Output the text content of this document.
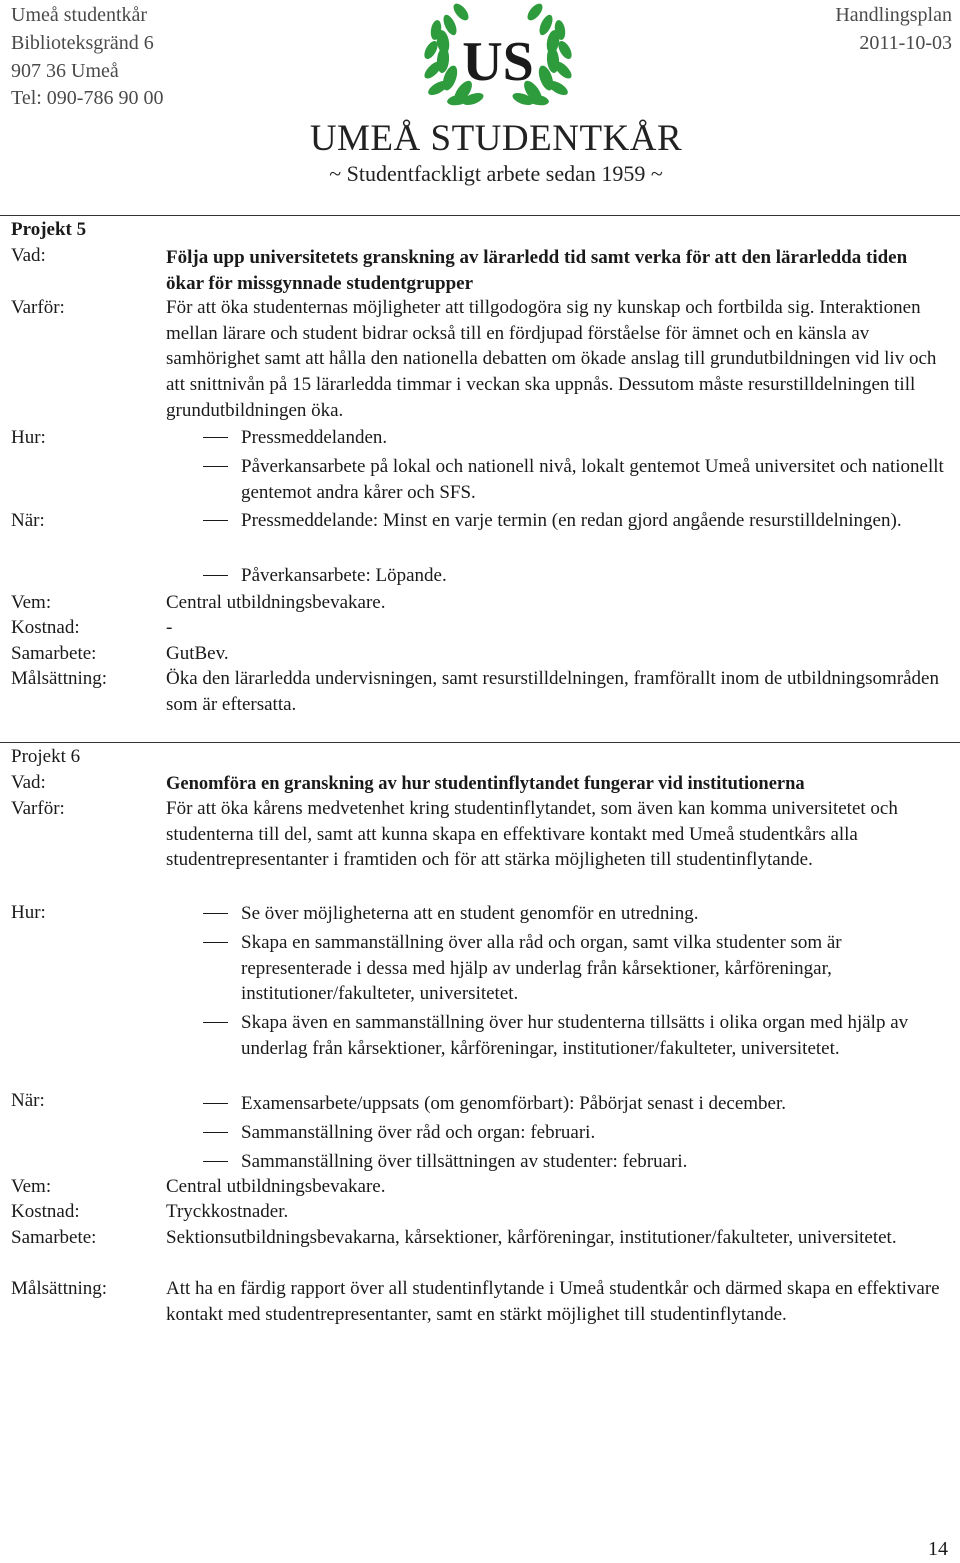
Umeå studentkår
Biblioteksgränd 6
907 36 Umeå
Tel: 090-786 90 00
US
UMEÅ STUDENTKÅR
~ Studentfackligt arbete sedan 1959 ~
Handlingsplan
2011-10-03
Projekt 5
Vad:	Följa upp universitetets granskning av lärarledd tid samt verka för att den lärarledda tiden ökar för missgynnade studentgrupper
Varför:	För att öka studenternas möjligheter att tillgodogöra sig ny kunskap och fortbilda sig. Interaktionen mellan lärare och student bidrar också till en fördjupad förståelse för ämnet och en känsla av samhörighet samt att hålla den nationella debatten om ökade anslag till grundutbildningen vid liv och att snittnivån på 15 lärarledda timmar i veckan ska uppnås. Dessutom måste resurstilldelningen till grundutbildningen öka.
Hur:	Pressmeddelanden.
Påverkansarbete på lokal och nationell nivå, lokalt gentemot Umeå universitet och nationellt gentemot andra kårer och SFS.
När:	Pressmeddelande: Minst en varje termin (en redan gjord angående resurstilldelningen).
Påverkansarbete: Löpande.
Vem:	Central utbildningsbevakare.
Kostnad:	-
Samarbete:	GutBev.
Målsättning:	Öka den lärarledda undervisningen, samt resurstilldelningen, framförallt inom de utbildningsområden som är eftersatta.
Projekt 6
Vad:	Genomföra en granskning av hur studentinflytandet fungerar vid institutionerna
Varför:	För att öka kårens medvetenhet kring studentinflytandet, som även kan komma universitetet och studenterna till del, samt att kunna skapa en effektivare kontakt med Umeå studentkårs alla studentrepresentanter i framtiden och för att stärka möjligheten till studentinflytande.
Hur:	Se över möjligheterna att en student genomför en utredning.
Skapa en sammanställning över alla råd och organ, samt vilka studenter som är representerade i dessa med hjälp av underlag från kårsektioner, kårföreningar, institutioner/fakulteter, universitetet.
Skapa även en sammanställning över hur studenterna tillsätts i olika organ med hjälp av underlag från kårsektioner, kårföreningar, institutioner/fakulteter, universitetet.
När:	Examensarbete/uppsats (om genomförbart): Påbörjat senast i december.
Sammanställning över råd och organ: februari.
Sammanställning över tillsättningen av studenter: februari.
Vem:	Central utbildningsbevakare.
Kostnad:	Tryckkostnader.
Samarbete:	Sektionsutbildningsbevakarna, kårsektioner, kårföreningar, institutioner/fakulteter, universitetet.
Målsättning:	Att ha en färdig rapport över all studentinflytande i Umeå studentkår och därmed skapa en effektivare kontakt med studentrepresentanter, samt en stärkt möjlighet till studentinflytande.
14
